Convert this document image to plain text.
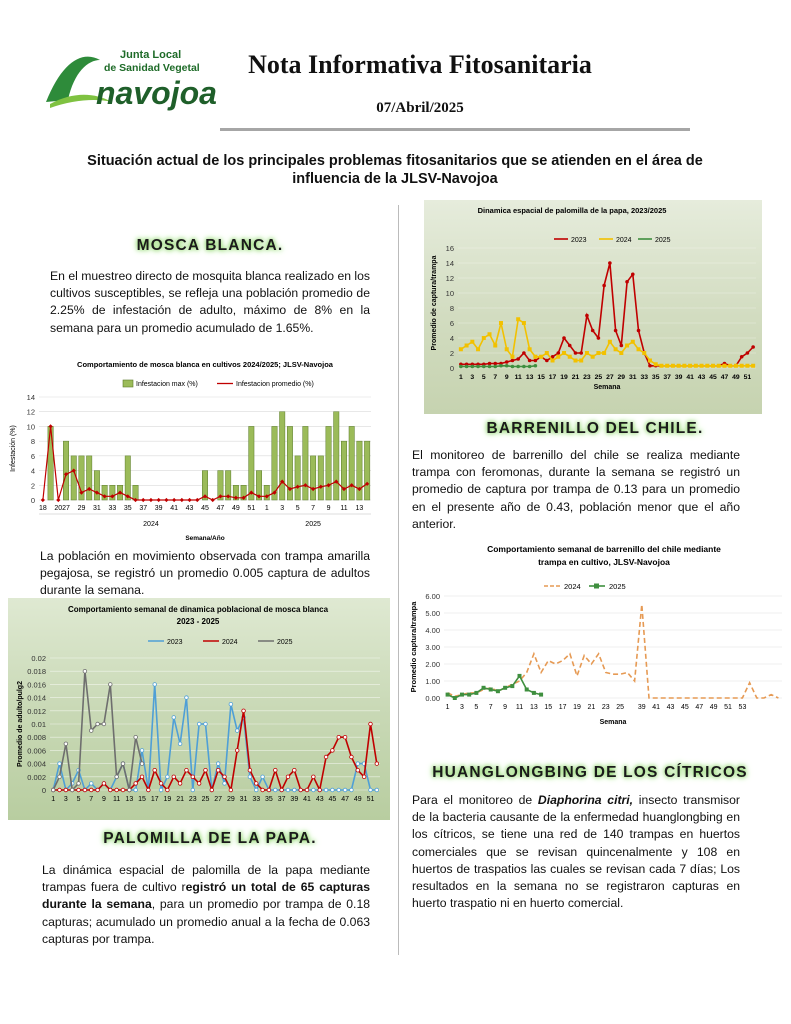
Junta Local
de Sanidad Vegetal
navojoa
Nota Informativa Fitosanitaria
07/Abril/2025
Situación actual de los principales problemas fitosanitarios que se atienden en el área de influencia de la JLSV-Navojoa
MOSCA BLANCA.
En el muestreo directo de mosquita blanca realizado en los cultivos susceptibles, se refleja una población promedio de 2.25% de infestación de adulto, máximo de 8% en la semana para un promedio acumulado de 1.65%.
Comportamiento de mosca blanca en cultivos 2024/2025; JLSV-Navojoa
Infestacion max (%)	Infestacion promedio (%)
0
2
4
6
8
10
12
14
18 20 27 29 31 33 35 37 39 41 43 45 47 49 51 1 3 5 7 9 11 13
2024	2025
Semana/Año
Infestación (%)
La población en movimiento observada con trampa amarilla pegajosa, se registró un promedio 0.005 captura de adultos durante la semana.
Comportamiento semanal de dinamica poblacional de mosca blanca
2023 - 2025
2023	2024	2025
0
0.002
0.004
0.006
0.008
0.01
0.012
0.014
0.016
0.018
0.02
1 3 5 7 9 11 13 15 17 19 21 23 25 27 29 31 33 35 37 39 41 43 45 47 49 51
Promedio de adulto/pulg2
PALOMILLA DE LA PAPA.
La dinámica espacial de palomilla de la papa mediante trampas fuera de cultivo registró un total de 65 capturas durante la semana, para un promedio por trampa de 0.18 capturas; acumulado un promedio anual a la fecha de 0.063 capturas por trampa.
Dinamica espacial de palomilla de la papa, 2023/2025
2023	2024	2025
0
2
4
6
8
10
12
14
16
1 3 5 7 9 11 13 15 17 19 21 23 25 27 29 31 33 35 37 39 41 43 45 47 49 51
Semana
Promedio de captura/trampa
BARRENILLO DEL CHILE.
El monitoreo de barrenillo del chile se realiza mediante trampa con feromonas, durante la semana se registró un promedio de captura por trampa de 0.13 para un promedio en el presente año de 0.43, población menor que el año anterior.
Comportamiento semanal de barrenillo del chile mediante
trampa en cultivo, JLSV-Navojoa
2024	2025
0.00
1.00
2.00
3.00
4.00
5.00
6.00
1 3 5 7 9 11 13 15 17 19 21 23 25 39 41 43 45 47 49 51 53
Semana
Promedio captura/trampa
HUANGLONGBING DE LOS CÍTRICOS
Para el monitoreo de Diaphorina citri, insecto transmisor de la bacteria causante de la enfermedad huanglongbing en los cítricos, se tiene una red de 140 trampas en huertos comerciales que se revisan quincenalmente y 108 en huertos de traspatios las cuales se revisan cada 7 días; Los resultados en la semana no se registraron capturas en huerto traspatio ni en huerto comercial.
